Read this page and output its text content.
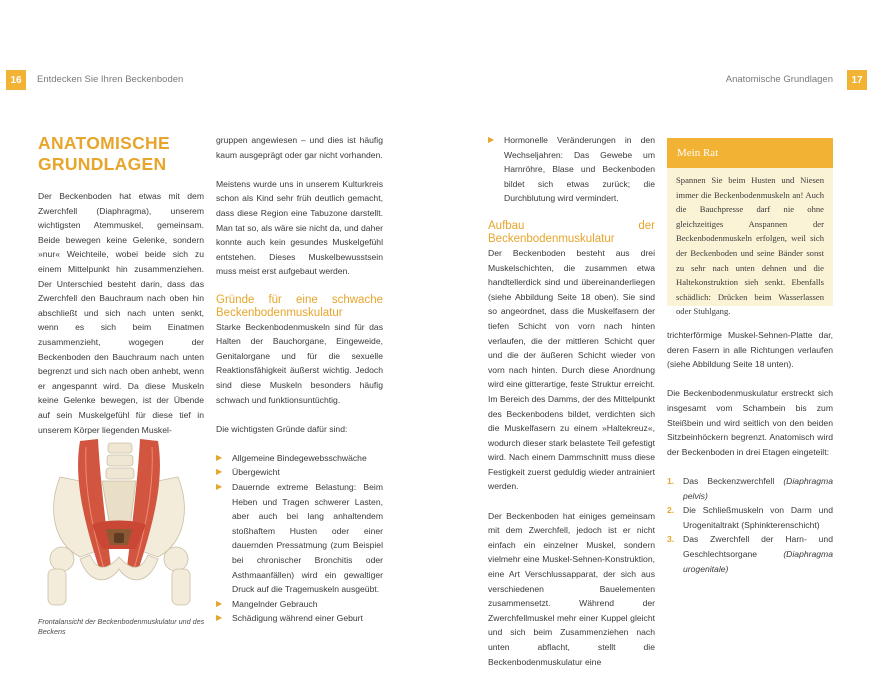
16	Entdecken Sie Ihren Beckenboden	Anatomische Grundlagen	17
ANATOMISCHE
GRUNDLAGEN

Der Beckenboden hat etwas mit dem Zwerchfell (Diaphragma), unserem wichtigsten Atemmuskel, gemeinsam. Beide bewegen keine Gelenke, sondern »nur« Weichteile, wobei beide sich zu einem Mittelpunkt hin zusammenziehen. Der Unterschied besteht darin, dass das Zwerchfell den Bauchraum nach oben hin abschließt und sich nach unten senkt, wenn es sich beim Einatmen zusammenzieht, wogegen der Beckenboden den Bauchraum nach unten begrenzt und sich nach oben anhebt, wenn er angespannt wird. Da diese Muskeln keine Gelenke bewegen, ist der Übende auf sein Muskelgefühl für diese tief in unserem Körper liegenden Muskel-

Frontalansicht der Beckenbodenmuskulatur und des Beckens

gruppen angewiesen – und dies ist häufig kaum ausgeprägt oder gar nicht vorhanden.

Meistens wurde uns in unserem Kulturkreis schon als Kind sehr früh deutlich gemacht, dass diese Region eine Tabuzone darstellt. Man tat so, als wäre sie nicht da, und daher konnte auch kein gesundes Muskelgefühl entstehen. Dieses Muskelbewusstsein muss meist erst aufgebaut werden.

Gründe für eine schwache Beckenbodenmuskulatur

Starke Beckenbodenmuskeln sind für das Halten der Bauchorgane, Eingeweide, Genitalorgane und für die sexuelle Reaktionsfähigkeit äußerst wichtig. Jedoch sind diese Muskeln besonders häufig schwach und funktionsuntüchtig.

Die wichtigsten Gründe dafür sind:

▶ Allgemeine Bindegewebsschwäche
▶ Übergewicht
▶ Dauernde extreme Belastung: Beim Heben und Tragen schwerer Lasten, aber auch bei lang anhaltendem stoßhaftem Husten oder einer dauernden Pressatmung (zum Beispiel bei chronischer Bronchitis oder Asthmaanfällen) wird ein gewaltiger Druck auf die Tragemuskeln ausgeübt.
▶ Mangelnder Gebrauch
▶ Schädigung während einer Geburt
▶ Hormonelle Veränderungen in den Wechseljahren: Das Gewebe um Harnröhre, Blase und Beckenboden bildet sich etwas zurück; die Durchblutung wird vermindert.
Aufbau der Beckenbodenmuskulatur

Der Beckenboden besteht aus drei Muskelschichten, die zusammen etwa handtellerdick sind und übereinanderliegen (siehe Abbildung Seite 18 oben). Sie sind so angeordnet, dass die Muskelfasern der tiefen Schicht von vorn nach hinten verlaufen, die der mittleren Schicht quer und die der äußeren Schicht wieder von vorn nach hinten. Durch diese Anordnung wird eine gitterartige, feste Struktur erreicht. Im Bereich des Damms, der des Mittelpunkt des Beckenbodens bildet, verdichten sich die Muskelfasern zu einem »Haltekreuz«, wodurch dieser stark belastete Teil gefestigt wird. Nach einem Dammschnitt muss diese Festigkeit zuerst geduldig wieder antrainiert werden.

Der Beckenboden hat einiges gemeinsam mit dem Zwerchfell, jedoch ist er nicht einfach ein einzelner Muskel, sondern vielmehr eine Muskel-Sehnen-Konstruktion, eine Art Verschlussapparat, der sich aus verschiedenen Bauelementen zusammensetzt. Während der Zwerchfellmuskel mehr einer Kuppel gleicht und sich beim Zusammenziehen nach unten abflacht, stellt die Beckenbodenmuskulatur eine

Mein Rat
Spannen Sie beim Husten und Niesen immer die Beckenbodenmuskeln an! Auch die Bauchpresse darf nie ohne gleichzeitiges Anspannen der Beckenbodenmuskeln erfolgen, weil sich der Beckenboden und seine Bänder sonst zu sehr nach unten dehnen und die Haltekonstruktion sieh senkt. Ebenfalls schädlich: Drücken beim Wasserlassen oder Stuhlgang.

trichterförmige Muskel-Sehnen-Platte dar, deren Fasern in alle Richtungen verlaufen (siehe Abbildung Seite 18 unten).

Die Beckenbodenmuskulatur erstreckt sich insgesamt vom Schambein bis zum Steißbein und wird seitlich von den beiden Sitzbeinhöckern begrenzt. Anatomisch wird der Beckenboden in drei Etagen eingeteilt:

1. Das Beckenzwerchfell (Diaphragma pelvis)
2. Die Schließmuskeln von Darm und Urogenitaltrakt (Sphinkterenschicht)
3. Das Zwerchfell der Harn- und Geschlechtsorgane (Diaphragma urogenitale)
